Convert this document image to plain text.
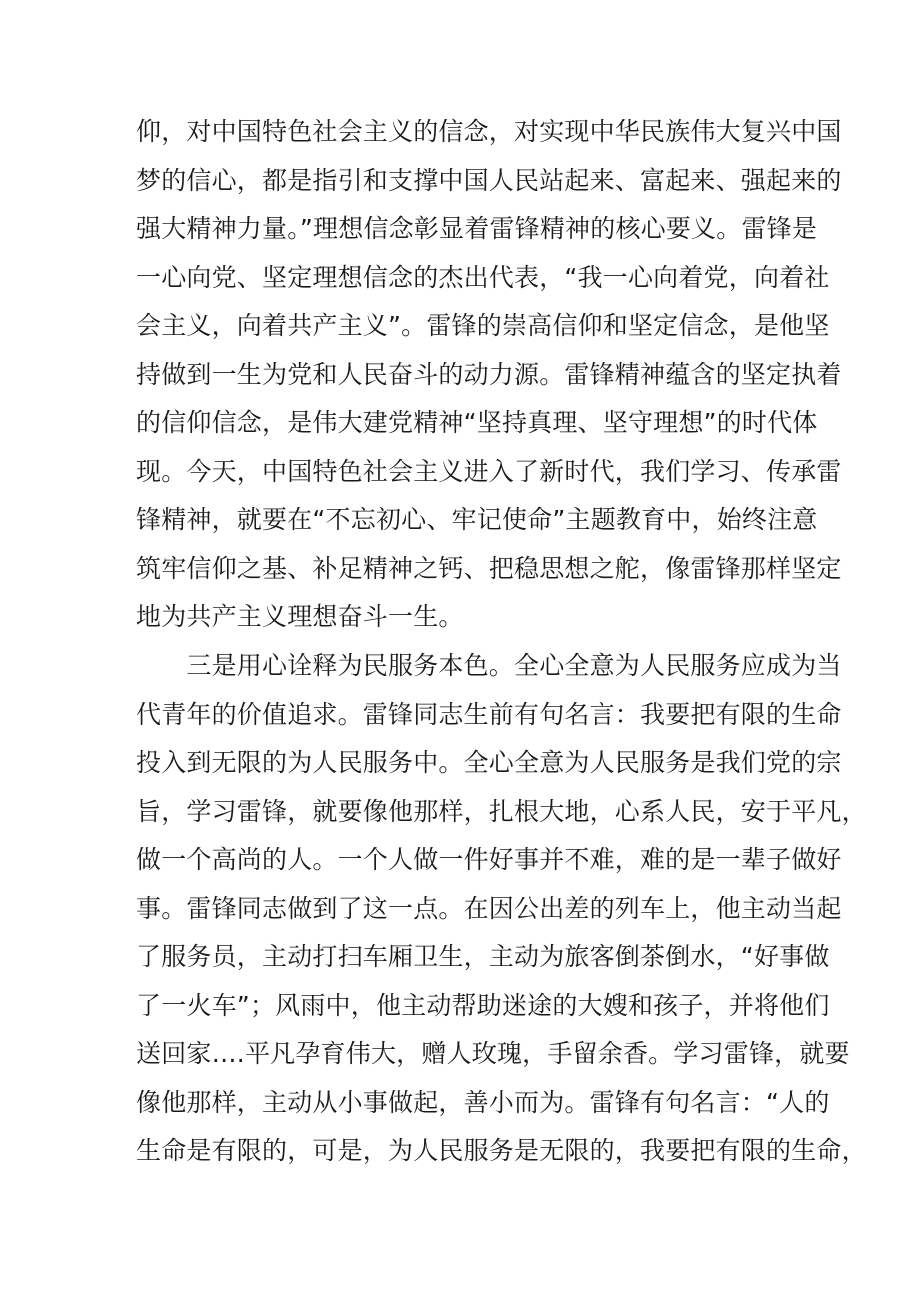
仰，对中国特色社会主义的信念，对实现中华民族伟大复兴中国
梦的信心，都是指引和支撑中国人民站起来、富起来、强起来的
强大精神力量。”理想信念彰显着雷锋精神的核心要义。雷锋是
一心向党、坚定理想信念的杰出代表，“我一心向着党，向着社
会主义，向着共产主义”。雷锋的崇高信仰和坚定信念，是他坚
持做到一生为党和人民奋斗的动力源。雷锋精神蕴含的坚定执着
的信仰信念，是伟大建党精神“坚持真理、坚守理想”的时代体
现。今天，中国特色社会主义进入了新时代，我们学习、传承雷
锋精神，就要在“不忘初心、牢记使命”主题教育中，始终注意
筑牢信仰之基、补足精神之钙、把稳思想之舵，像雷锋那样坚定
地为共产主义理想奋斗一生。
　　三是用心诠释为民服务本色。全心全意为人民服务应成为当
代青年的价值追求。雷锋同志生前有句名言：我要把有限的生命
投入到无限的为人民服务中。全心全意为人民服务是我们党的宗
旨，学习雷锋，就要像他那样，扎根大地，心系人民，安于平凡，
做一个高尚的人。一个人做一件好事并不难，难的是一辈子做好
事。雷锋同志做到了这一点。在因公出差的列车上，他主动当起
了服务员，主动打扫车厢卫生，主动为旅客倒茶倒水，“好事做
了一火车”；风雨中，他主动帮助迷途的大嫂和孩子，并将他们
送回家….平凡孕育伟大，赠人玫瑰，手留余香。学习雷锋，就要
像他那样，主动从小事做起，善小而为。雷锋有句名言：“人的
生命是有限的，可是，为人民服务是无限的，我要把有限的生命，
